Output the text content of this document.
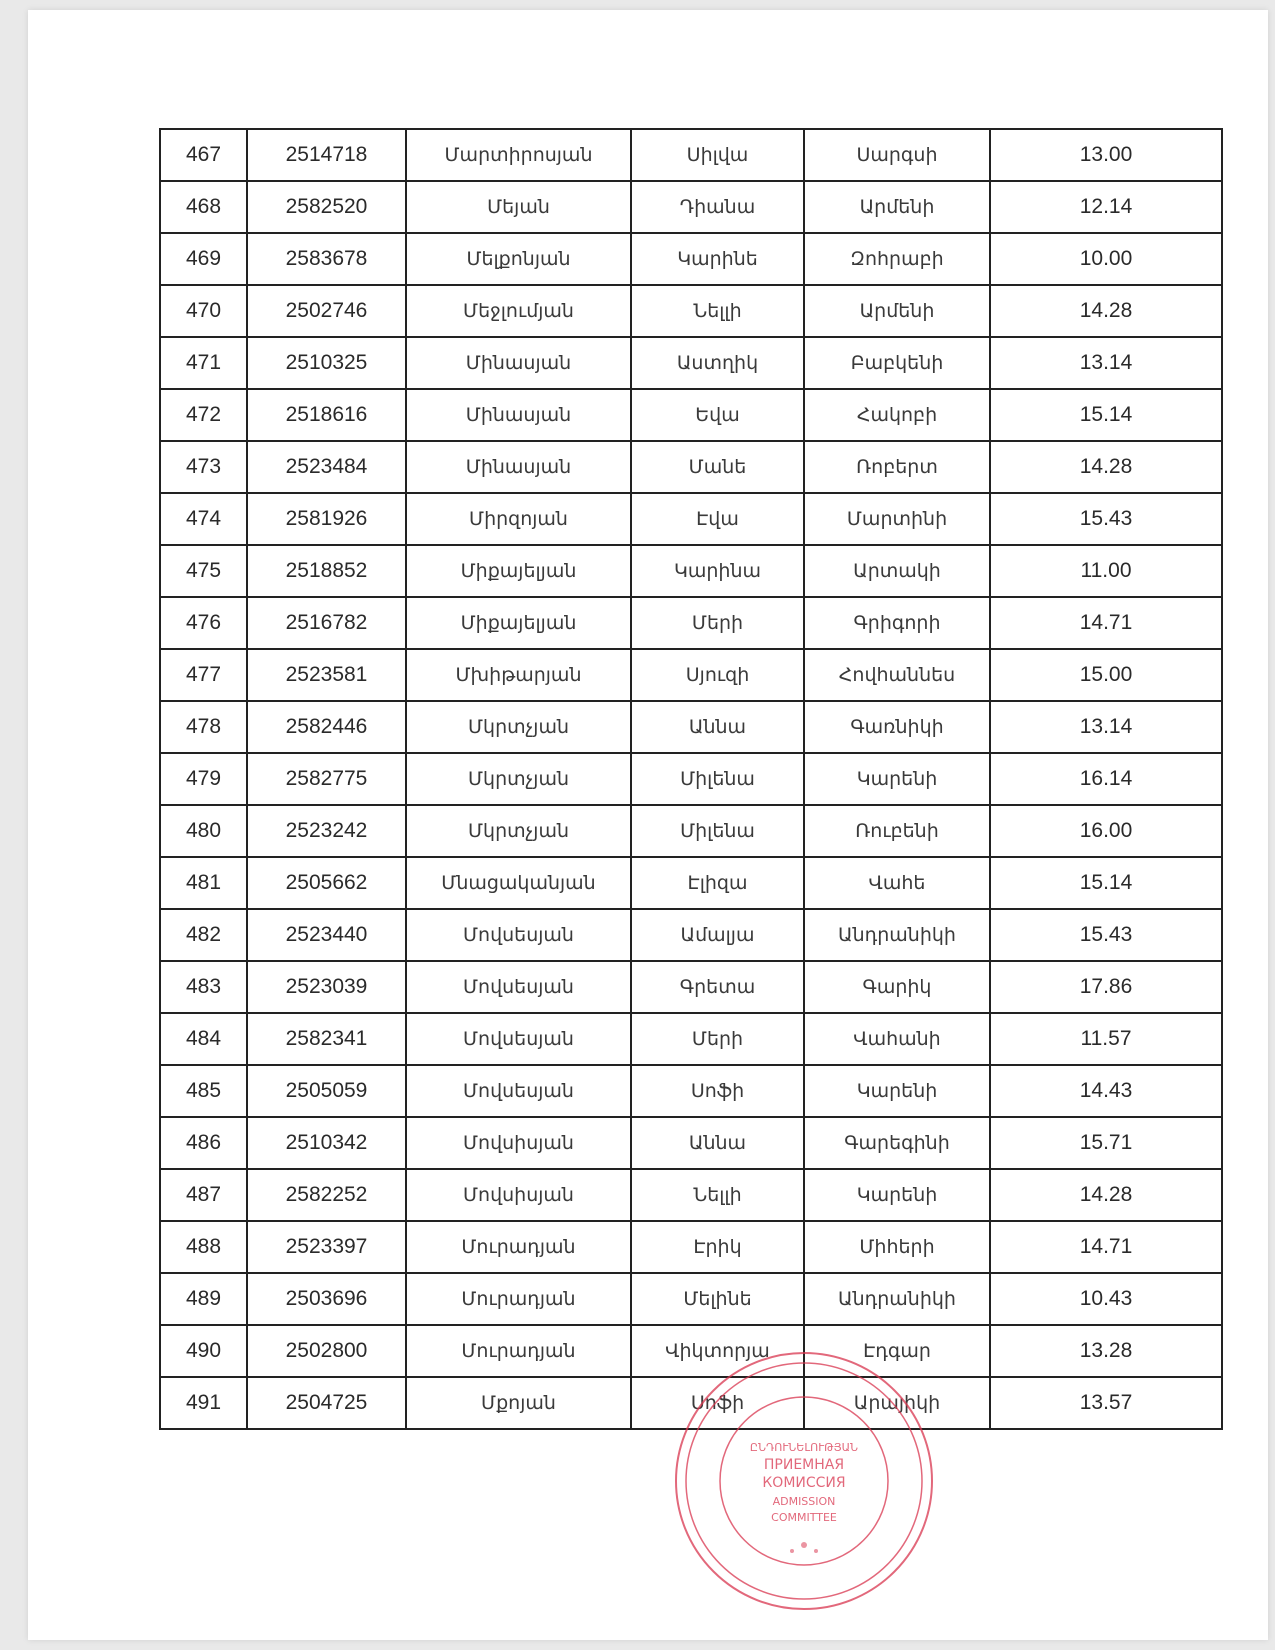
467	2514718	Մարտիրոսյան	Սիլվա	Սարգսի	13.00
468	2582520	Մեյան	Դիանա	Արմենի	12.14
469	2583678	Մելքոնյան	Կարինե	Զոհրաբի	10.00
470	2502746	Մեջլումյան	Նելլի	Արմենի	14.28
471	2510325	Մինասյան	Աստղիկ	Բաբկենի	13.14
472	2518616	Մինասյան	Եվա	Հակոբի	15.14
473	2523484	Մինասյան	Մանե	Ռոբերտ	14.28
474	2581926	Միրզոյան	Էվա	Մարտինի	15.43
475	2518852	Միքայելյան	Կարինա	Արտակի	11.00
476	2516782	Միքայելյան	Մերի	Գրիգորի	14.71
477	2523581	Մխիթարյան	Սյուզի	Հովհաննես	15.00
478	2582446	Մկրտչյան	Աննա	Գառնիկի	13.14
479	2582775	Մկրտչյան	Միլենա	Կարենի	16.14
480	2523242	Մկրտչյան	Միլենա	Ռուբենի	16.00
481	2505662	Մնացականյան	Էլիզա	Վահե	15.14
482	2523440	Մովսեսյան	Ամալյա	Անդրանիկի	15.43
483	2523039	Մովսեսյան	Գրետա	Գարիկ	17.86
484	2582341	Մովսեսյան	Մերի	Վահանի	11.57
485	2505059	Մովսեսյան	Սոֆի	Կարենի	14.43
486	2510342	Մովսիսյան	Աննա	Գարեգինի	15.71
487	2582252	Մովսիսյան	Նելլի	Կարենի	14.28
488	2523397	Մուրադյան	Էրիկ	Միհերի	14.71
489	2503696	Մուրադյան	Մելինե	Անդրանիկի	10.43
490	2502800	Մուրադյան	Վիկտորյա	Էդգար	13.28
491	2504725	Մքոյան	Սոֆի	Արայիկի	13.57
ԸՆԴՈՒՆԵԼՈՒԹՅԱՆ
ПРИЕМНАЯ
КОМИССИЯ
ADMISSION
COMMITTEE
